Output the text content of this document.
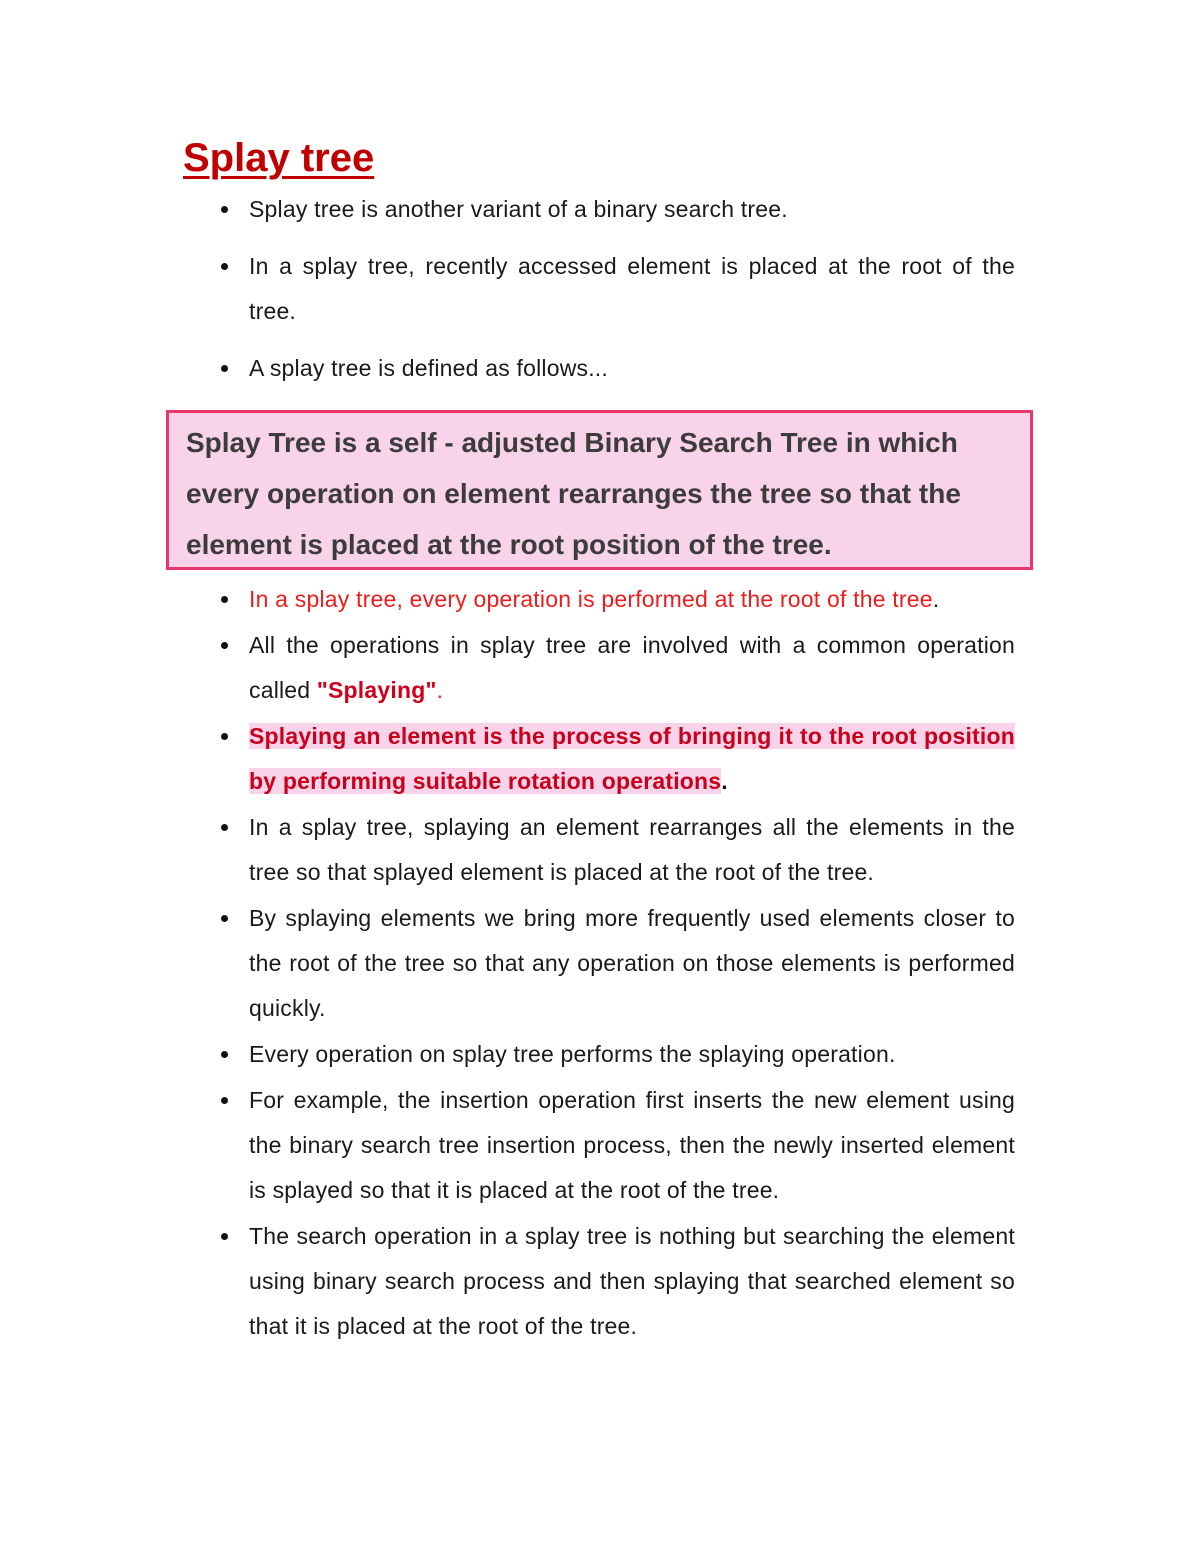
Splay tree
Splay tree is another variant of a binary search tree.
In a splay tree, recently accessed element is placed at the root of the tree.
A splay tree is defined as follows...

Splay Tree is a self - adjusted Binary Search Tree in which every operation on element rearranges the tree so that the element is placed at the root position of the tree.

In a splay tree, every operation is performed at the root of the tree.
All the operations in splay tree are involved with a common operation called "Splaying".
Splaying an element is the process of bringing it to the root position by performing suitable rotation operations.
In a splay tree, splaying an element rearranges all the elements in the tree so that splayed element is placed at the root of the tree.
By splaying elements we bring more frequently used elements closer to the root of the tree so that any operation on those elements is performed quickly.
Every operation on splay tree performs the splaying operation.
For example, the insertion operation first inserts the new element using the binary search tree insertion process, then the newly inserted element is splayed so that it is placed at the root of the tree.
The search operation in a splay tree is nothing but searching the element using binary search process and then splaying that searched element so that it is placed at the root of the tree.
